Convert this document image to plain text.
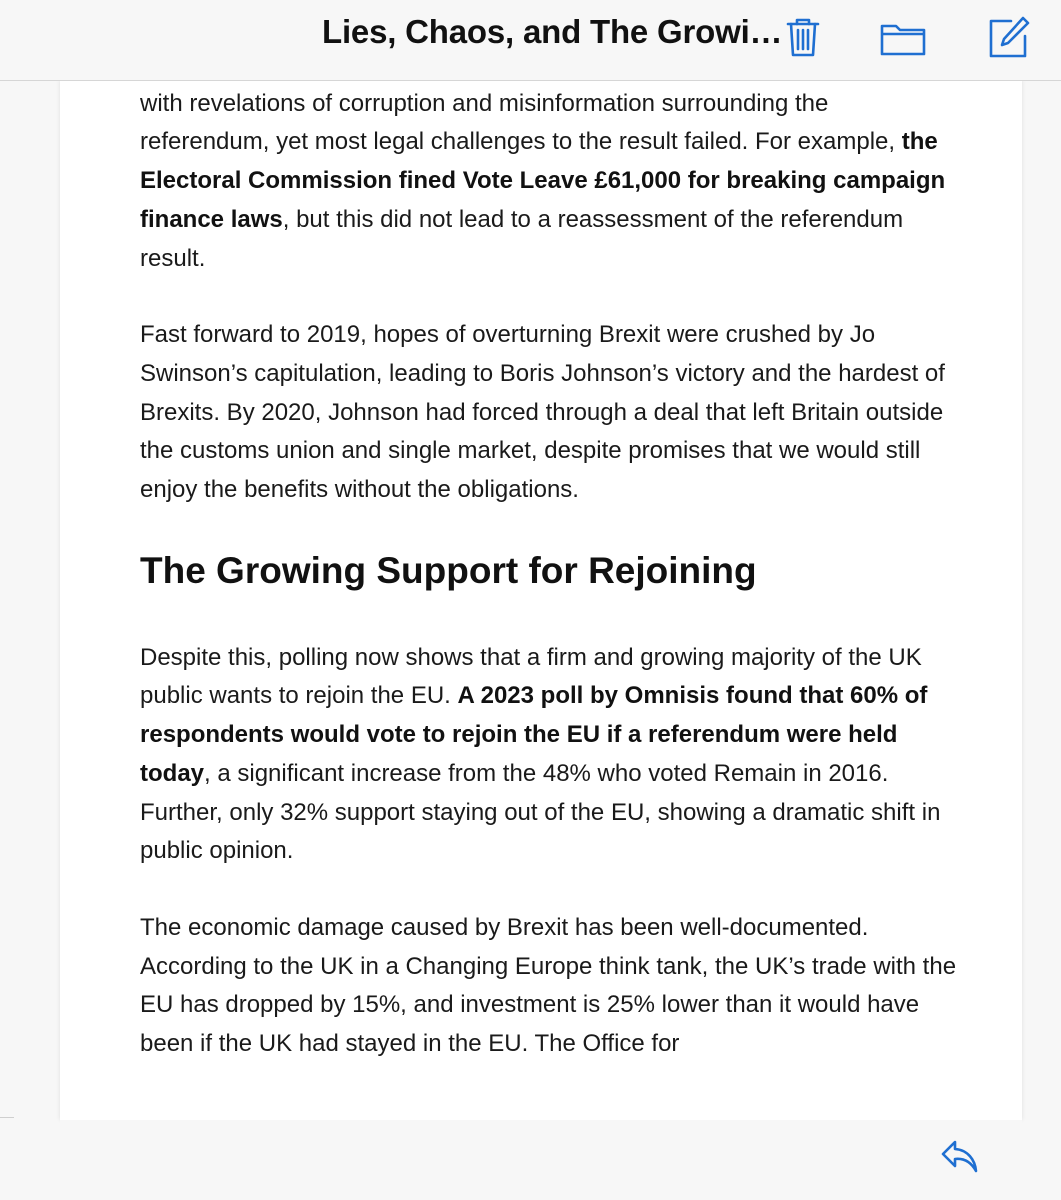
Lies, Chaos, and The Growi…

with revelations of corruption and misinformation surrounding the referendum, yet most legal challenges to the result failed. For example, the Electoral Commission fined Vote Leave £61,000 for breaking campaign finance laws, but this did not lead to a reassessment of the referendum result.

Fast forward to 2019, hopes of overturning Brexit were crushed by Jo Swinson’s capitulation, leading to Boris Johnson’s victory and the hardest of Brexits. By 2020, Johnson had forced through a deal that left Britain outside the customs union and single market, despite promises that we would still enjoy the benefits without the obligations.

The Growing Support for Rejoining

Despite this, polling now shows that a firm and growing majority of the UK public wants to rejoin the EU. A 2023 poll by Omnisis found that 60% of respondents would vote to rejoin the EU if a referendum were held today, a significant increase from the 48% who voted Remain in 2016. Further, only 32% support staying out of the EU, showing a dramatic shift in public opinion.

The economic damage caused by Brexit has been well-documented. According to the UK in a Changing Europe think tank, the UK’s trade with the EU has dropped by 15%, and investment is 25% lower than it would have been if the UK had stayed in the EU. The Office for
